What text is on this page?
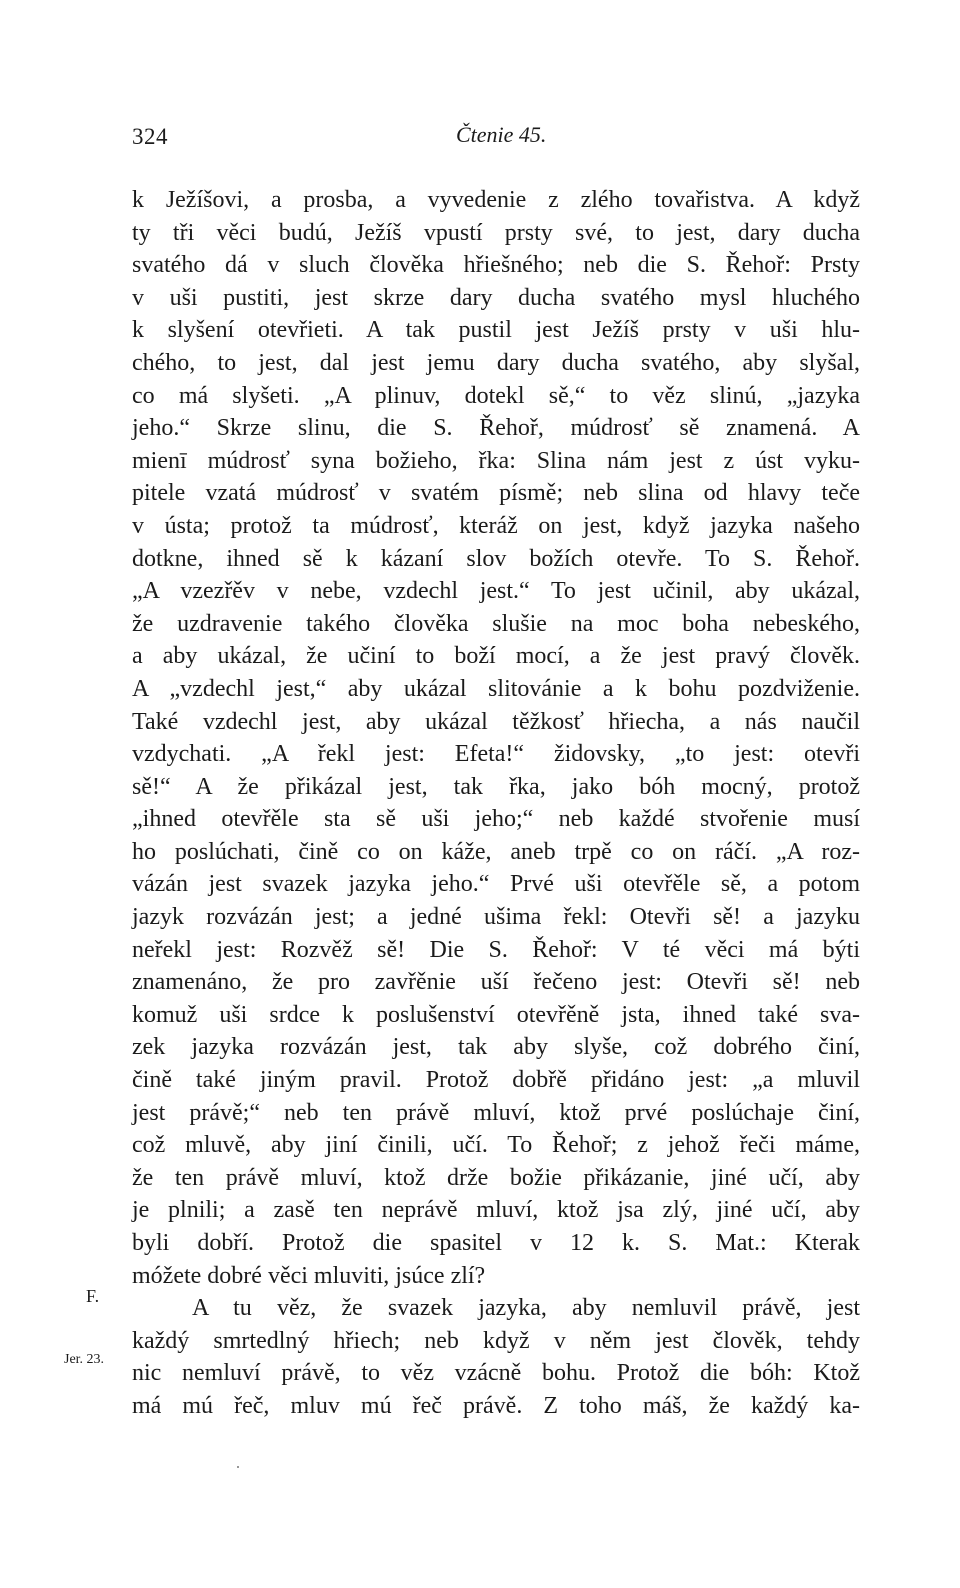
324	Čtenie 45.
F.
Jer. 23.
k Ježíšovi, a prosba, a vyvedenie z zlého tovařistva. A když
ty tři věci budú, Ježíš vpustí prsty své, to jest, dary ducha
svatého dá v sluch člověka hřiešného; neb die S. Řehoř: Prsty
v uši pustiti, jest skrze dary ducha svatého mysl hluchého
k slyšení otevřieti. A tak pustil jest Ježíš prsty v uši hlu-
chého, to jest, dal jest jemu dary ducha svatého, aby slyšal,
co má slyšeti. „A plinuv, dotekl sě,“ to věz slinú, „jazyka
jeho.“ Skrze slinu, die S. Řehoř, múdrosť sě znamená. A
mienī múdrosť syna božieho, řka: Slina nám jest z úst vyku-
pitele vzatá múdrosť v svatém písmě; neb slina od hlavy teče
v ústa; protož ta múdrosť, kteráž on jest, když jazyka našeho
dotkne, ihned sě k kázaní slov božích otevře. To S. Řehoř.
„A vzezřěv v nebe, vzdechl jest.“ To jest učinil, aby ukázal,
že uzdravenie takého člověka slušie na moc boha nebeského,
a aby ukázal, že učiní to boží mocí, a že jest pravý člověk.
A „vzdechl jest,“ aby ukázal slitovánie a k bohu pozdviženie.
Také vzdechl jest, aby ukázal těžkosť hřiecha, a nás naučil
vzdychati. „A řekl jest: Efeta!“ židovsky, „to jest: otevři
sě!“ A že přikázal jest, tak řka, jako bóh mocný, protož
„ihned otevřěle sta sě uši jeho;“ neb každé stvořenie musí
ho poslúchati, čině co on káže, aneb trpě co on ráčí. „A roz-
vázán jest svazek jazyka jeho.“ Prvé uši otevřěle sě, a potom
jazyk rozvázán jest; a jedné ušima řekl: Otevři sě! a jazyku
neřekl jest: Rozvěž sě! Die S. Řehoř: V té věci má býti
znamenáno, že pro zavřěnie uší řečeno jest: Otevři sě! neb
komuž uši srdce k poslušenství otevřěně jsta, ihned také sva-
zek jazyka rozvázán jest, tak aby slyše, což dobrého činí,
čině také jiným pravil. Protož dobřě přidáno jest: „a mluvil
jest právě;“ neb ten právě mluví, ktož prvé poslúchaje činí,
což mluvě, aby jiní činili, učí. To Řehoř; z jehož řeči máme,
že ten právě mluví, ktož drže božie přikázanie, jiné učí, aby
je plnili; a zasě ten neprávě mluví, ktož jsa zlý, jiné učí, aby
byli dobří. Protož die spasitel v 12 k. S. Mat.: Kterak
móžete dobré věci mluviti, jsúce zlí?
A tu věz, že svazek jazyka, aby nemluvil právě, jest
každý smrtedlný hřiech; neb když v něm jest člověk, tehdy
nic nemluví právě, to věz vzácně bohu. Protož die bóh: Ktož
má mú řeč, mluv mú řeč právě. Z toho máš, že každý ka-
